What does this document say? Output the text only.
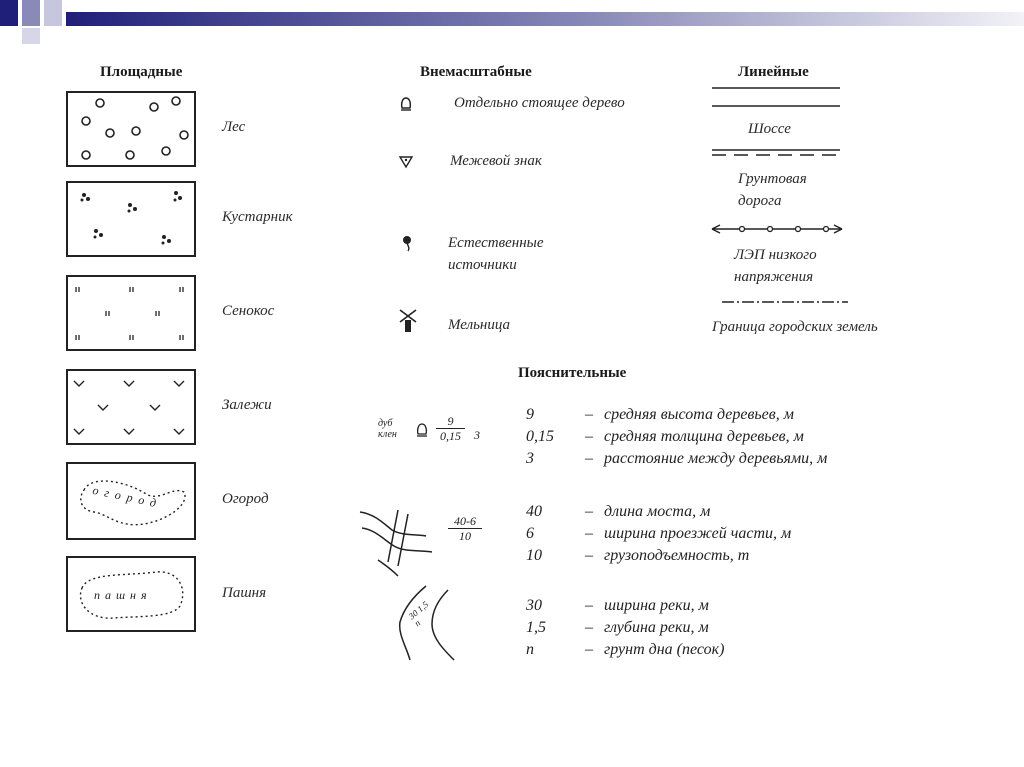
Площадные	Внемасштабные	Линейные
Пояснительные
Лес
Кустарник
Сенокос
Залежи
огород	Огород
пашня	Пашня
Отдельно стоящее дерево
Межевой знак
Естественные источники
Мельница
Шоссе
Грунтовая дорога
ЛЭП низкого напряжения
Граница городских земель
дуб
клен	$\frac{9}{0,15} 3$
$\frac{40-6}{10}$
30 1,5 п
9	– средняя высота деревьев, м
0,15 – средняя толщина деревьев, м
3	– расстояние между деревьями, м
40	– длина моста, м
6	– ширина проезжей части, м
10	– грузоподъемность, т
30	– ширина реки, м
1,5 – глубина реки, м
п	– грунт дна (песок)
